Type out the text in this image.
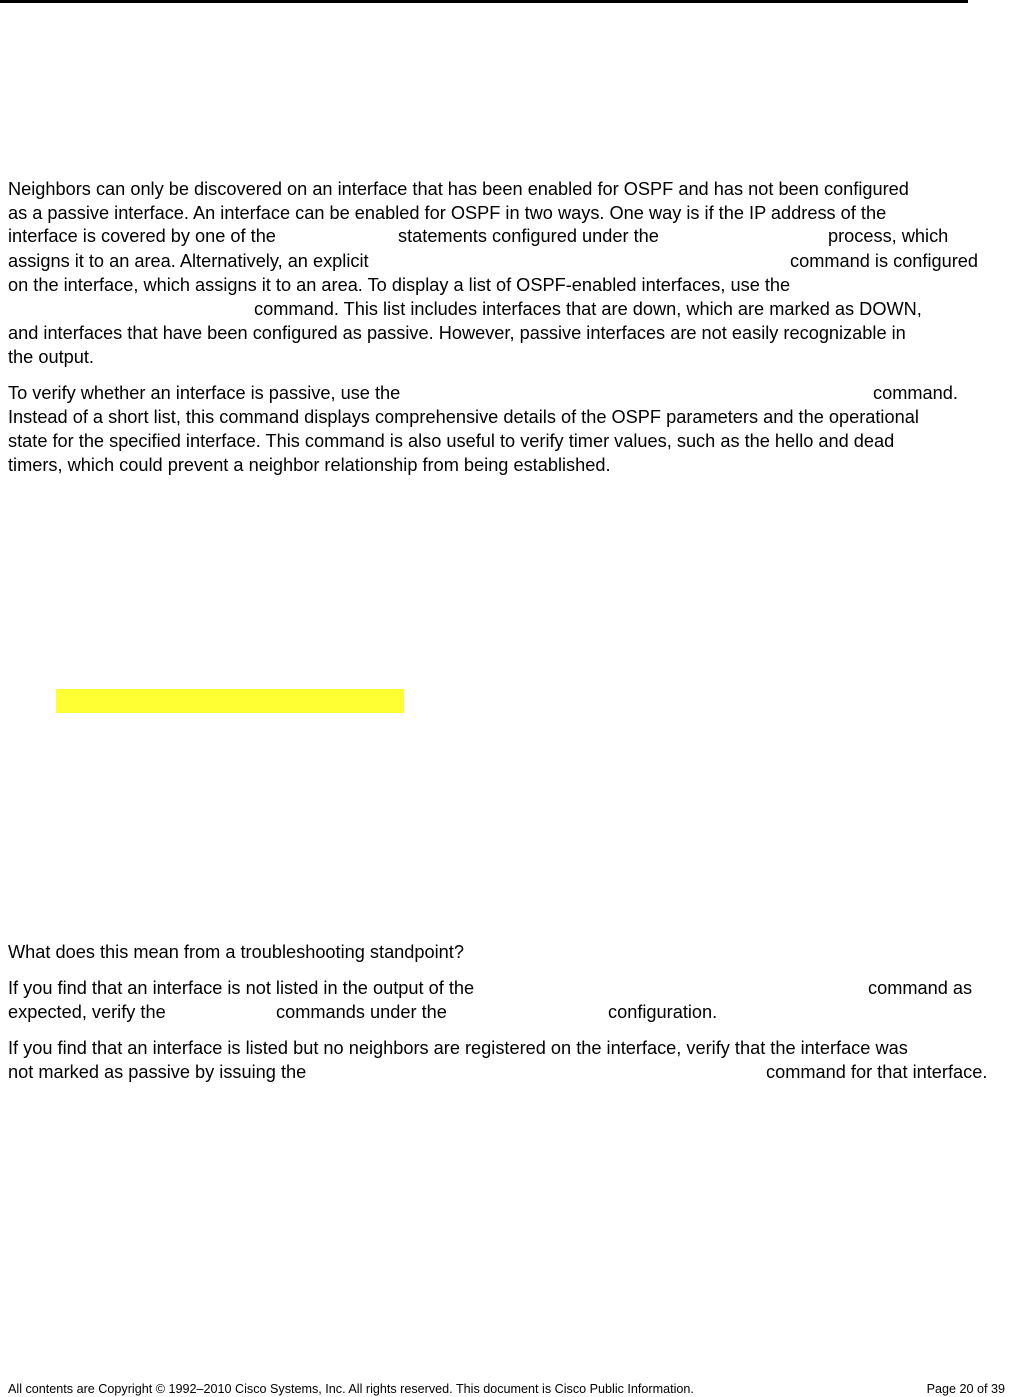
Neighbors can only be discovered on an interface that has been enabled for OSPF and has not been configured

as a passive interface. An interface can be enabled for OSPF in two ways. One way is if the IP address of the

interface is covered by one of the	statements configured under the	process, which
assigns it to an area. Alternatively, an explicit	command is configured

on the interface, which assigns it to an area. To display a list of OSPF-enabled interfaces, use the

command. This list includes interfaces that are down, which are marked as DOWN,

and interfaces that have been configured as passive. However, passive interfaces are not easily recognizable in

the output.

To verify whether an interface is passive, use the	command.

Instead of a short list, this command displays comprehensive details of the OSPF parameters and the operational

state for the specified interface. This command is also useful to verify timer values, such as the hello and dead

timers, which could prevent a neighbor relationship from being established.

What does this mean from a troubleshooting standpoint?

If you find that an interface is not listed in the output of the	command as
expected, verify the	commands under the	configuration.

If you find that an interface is listed but no neighbors are registered on the interface, verify that the interface was

not marked as passive by issuing the	command for that interface.
All contents are Copyright © 1992–2010 Cisco Systems, Inc. All rights reserved. This document is Cisco Public Information.	Page 20 of 39
